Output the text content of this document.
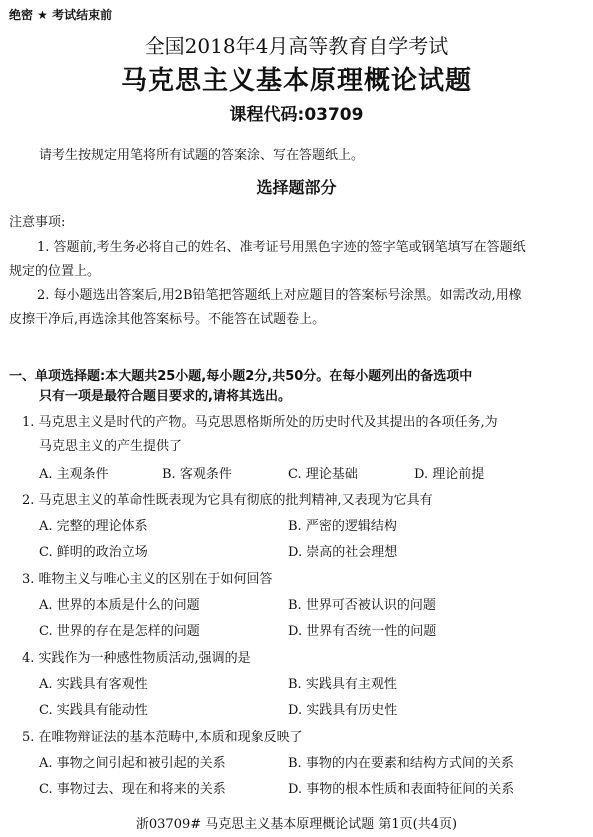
绝密 ★ 考试结束前
全国2018年4月高等教育自学考试
马克思主义基本原理概论试题
课程代码:03709
请考生按规定用笔将所有试题的答案涂、写在答题纸上。
选择题部分
注意事项:
1. 答题前,考生务必将自己的姓名、准考证号用黑色字迹的签字笔或钢笔填写在答题纸
规定的位置上。
2. 每小题选出答案后,用2B铅笔把答题纸上对应题目的答案标号涂黑。如需改动,用橡
皮擦干净后,再选涂其他答案标号。不能答在试题卷上。
一、单项选择题:本大题共25小题,每小题2分,共50分。在每小题列出的备选项中
只有一项是最符合题目要求的,请将其选出。
1. 马克思主义是时代的产物。马克思恩格斯所处的历史时代及其提出的各项任务,为
马克思主义的产生提供了
A. 主观条件	B. 客观条件	C. 理论基础	D. 理论前提
2. 马克思主义的革命性既表现为它具有彻底的批判精神,又表现为它具有
A. 完整的理论体系	B. 严密的逻辑结构
C. 鲜明的政治立场	D. 崇高的社会理想
3. 唯物主义与唯心主义的区别在于如何回答
A. 世界的本质是什么的问题	B. 世界可否被认识的问题
C. 世界的存在是怎样的问题	D. 世界有否统一性的问题
4. 实践作为一种感性物质活动,强调的是
A. 实践具有客观性	B. 实践具有主观性
C. 实践具有能动性	D. 实践具有历史性
5. 在唯物辩证法的基本范畴中,本质和现象反映了
A. 事物之间引起和被引起的关系	B. 事物的内在要素和结构方式间的关系
C. 事物过去、现在和将来的关系	D. 事物的根本性质和表面特征间的关系
浙03709# 马克思主义基本原理概论试题 第1页(共4页)
